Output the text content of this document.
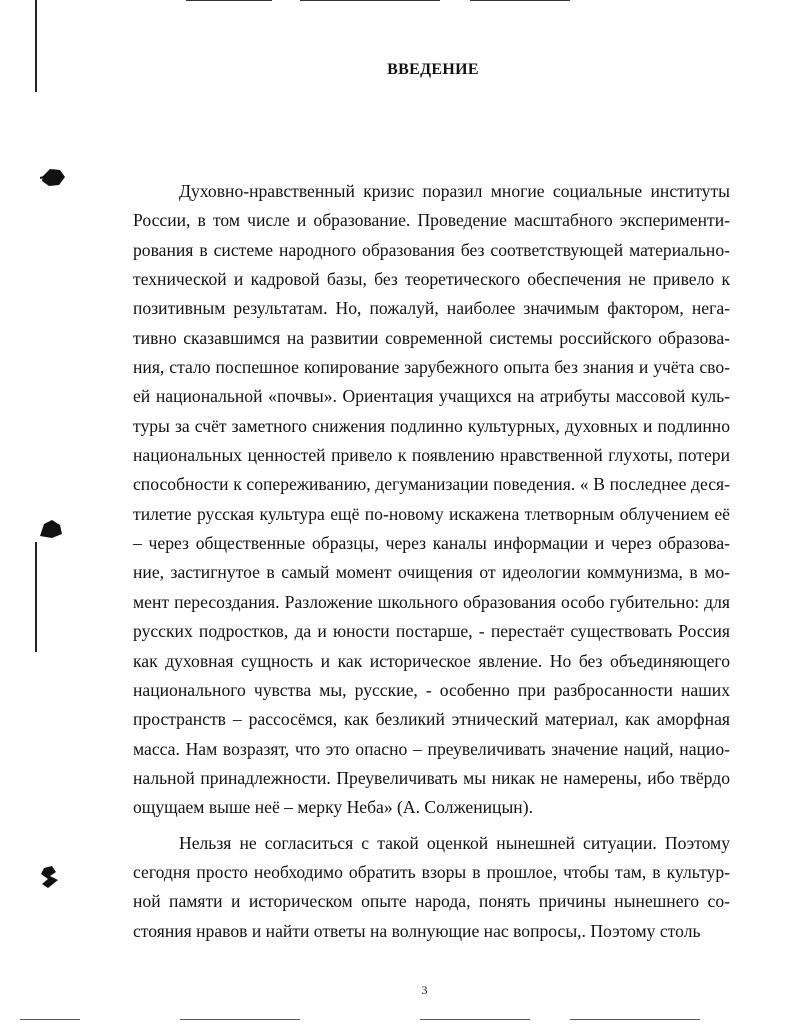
ВВЕДЕНИЕ

Духовно-нравственный кризис поразил многие социальные институты России, в том числе и образование. Проведение масштабного экспериментирования в системе народного образования без соответствующей материально-технической и кадровой базы, без теоретического обеспечения не привело к позитивным результатам. Но, пожалуй, наиболее значимым фактором, негативно сказавшимся на развитии современной системы российского образования, стало поспешное копирование зарубежного опыта без знания и учёта своей национальной «почвы». Ориентация учащихся на атрибуты массовой культуры за счёт заметного снижения подлинно культурных, духовных и подлинно национальных ценностей привело к появлению нравственной глухоты, потери способности к сопереживанию, дегуманизации поведения. « В последнее десятилетие русская культура ещё по-новому искажена тлетворным облучением её – через общественные образцы, через каналы информации и через образование, застигнутое в самый момент очищения от идеологии коммунизма, в момент пересоздания. Разложение школьного образования особо губительно: для русских подростков, да и юности постарше, - перестаёт существовать Россия как духовная сущность и как историческое явление. Но без объединяющего национального чувства мы, русские, - особенно при разбросанности наших пространств – рассосёмся, как безликий этнический материал, как аморфная масса. Нам возразят, что это опасно – преувеличивать значение наций, национальной принадлежности. Преувеличивать мы никак не намерены, ибо твёрдо ощущаем выше неё – мерку Неба» (А. Солженицын).

Нельзя не согласиться с такой оценкой нынешней ситуации. Поэтому сегодня просто необходимо обратить взоры в прошлое, чтобы там, в культурной памяти и историческом опыте народа, понять причины нынешнего состояния нравов и найти ответы на волнующие нас вопросы,. Поэтому столь

3
